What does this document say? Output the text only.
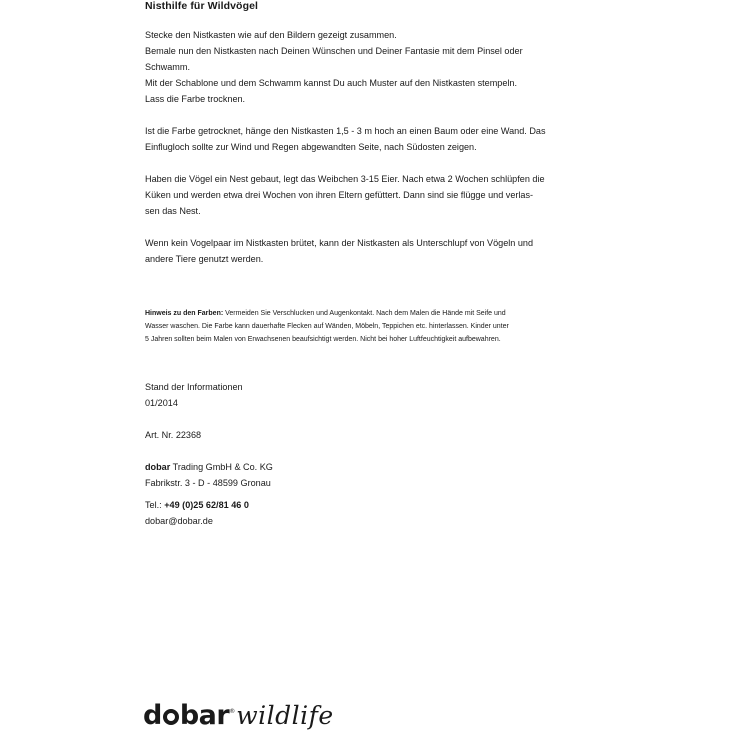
Nisthilfe für Wildvögel
Stecke den Nistkasten wie auf den Bildern gezeigt zusammen.
Bemale nun den Nistkasten nach Deinen Wünschen und Deiner Fantasie mit dem Pinsel oder
Schwamm.
Mit der Schablone und dem Schwamm kannst Du auch Muster auf den Nistkasten stempeln.
Lass die Farbe trocknen.
Ist die Farbe getrocknet, hänge den Nistkasten 1,5 - 3 m hoch an einen Baum oder eine Wand. Das
Einflugloch sollte zur Wind und Regen abgewandten Seite, nach Südosten zeigen.
Haben die Vögel ein Nest gebaut, legt das Weibchen 3-15 Eier. Nach etwa 2 Wochen schlüpfen die
Küken und werden etwa drei Wochen von ihren Eltern gefüttert. Dann sind sie flügge und verlas-
sen das Nest.
Wenn kein Vogelpaar im Nistkasten brütet, kann der Nistkasten als Unterschlupf von Vögeln und
andere Tiere genutzt werden.
Hinweis zu den Farben: Vermeiden Sie Verschlucken und Augenkontakt. Nach dem Malen die Hände mit Seife und
Wasser waschen. Die Farbe kann dauerhafte Flecken auf Wänden, Möbeln, Teppichen etc. hinterlassen. Kinder unter
5 Jahren sollten beim Malen von Erwachsenen beaufsichtigt werden. Nicht bei hoher Luftfeuchtigkeit aufbewahren.
Stand der Informationen
01/2014
Art. Nr. 22368
dobar Trading GmbH & Co. KG
Fabrikstr. 3 - D - 48599 Gronau
Tel.: +49 (0)25 62/81 46 0
dobar@dobar.de
d bar ® wildlife
